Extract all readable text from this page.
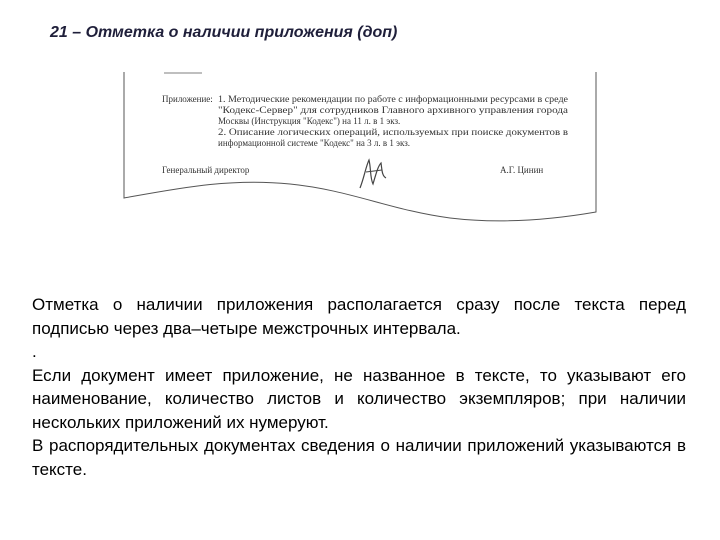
21 – Отметка о наличии приложения (доп)
Приложение: 1. Методические рекомендации по работе с информационными ресурсами в среде
"Кодекс-Сервер" для сотрудников Главного архивного управления города
Москвы (Инструкция "Кодекс") на 11 л. в 1 экз.
2. Описание логических операций, используемых при поиске документов в
информационной системе "Кодекс" на 3 л. в 1 экз.
Генеральный директор	А.Г. Цинин

Отметка о наличии приложения располагается сразу после текста перед подписью через два–четыре межстрочных интервала.

.

Если документ имеет приложение, не названное в тексте, то указывают его наименование, количество листов и количество экземпляров; при наличии нескольких приложений их нумеруют.

В распорядительных документах сведения о наличии приложений указываются в тексте.
